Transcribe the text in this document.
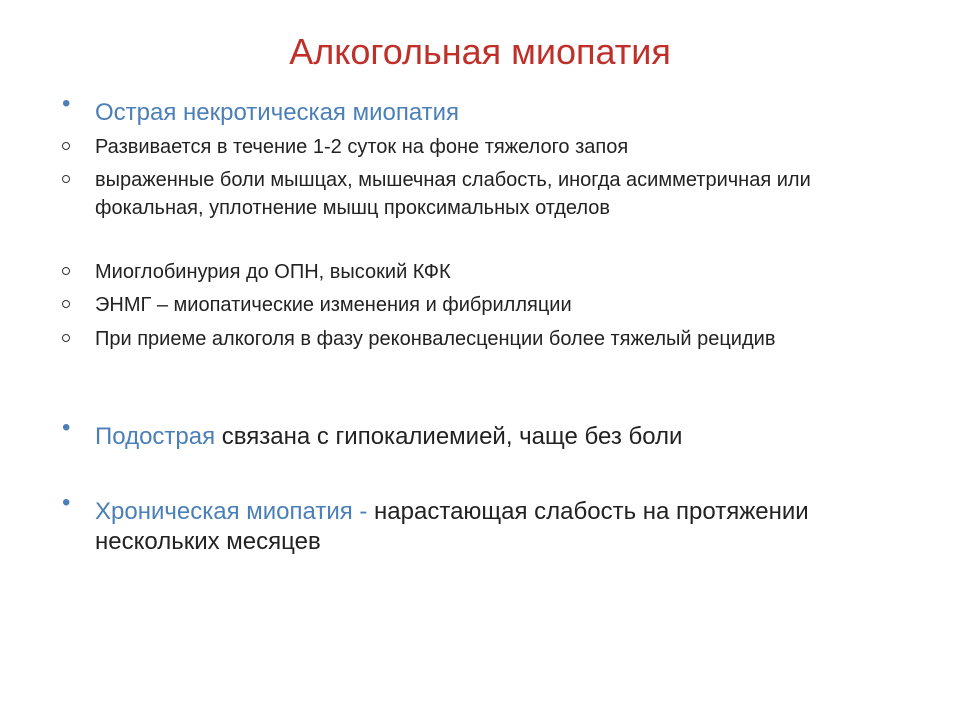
Алкогольная миопатия
• Острая некротическая миопатия
Развивается в течение 1-2 суток на фоне тяжелого запоя
выраженные боли мышцах, мышечная слабость, иногда асимметричная или фокальная, уплотнение мышц проксимальных отделов
Миоглобинурия до ОПН, высокий КФК
ЭНМГ – миопатические изменения и фибрилляции
При приеме алкоголя в фазу реконвалесценции более тяжелый рецидив
• Подострая связана с гипокалиемией, чаще без боли
• Хроническая миопатия - нарастающая слабость на протяжении нескольких месяцев
